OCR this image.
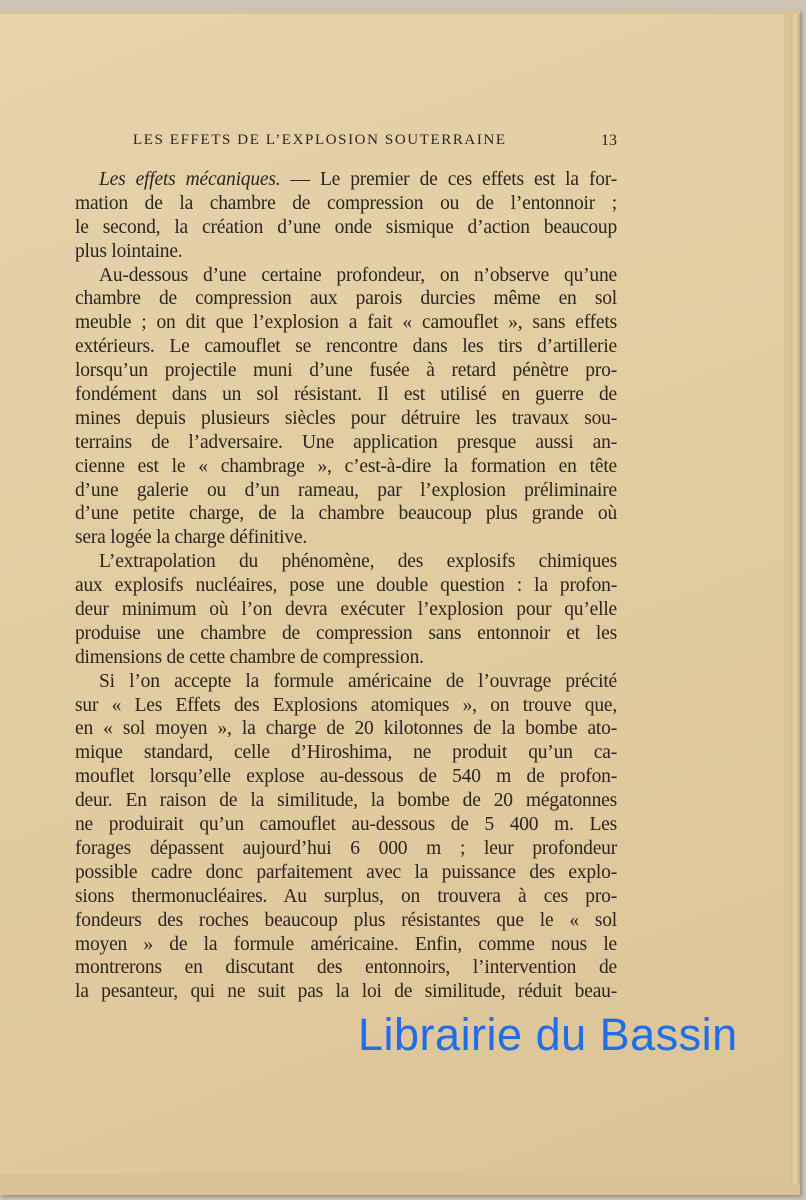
LES EFFETS DE L’EXPLOSION SOUTERRAINE	13
Les effets mécaniques. — Le premier de ces effets est la for-
mation de la chambre de compression ou de l’entonnoir ;
le second, la création d’une onde sismique d’action beaucoup
plus lointaine.
Au-dessous d’une certaine profondeur, on n’observe qu’une
chambre de compression aux parois durcies même en sol
meuble ; on dit que l’explosion a fait « camouflet », sans effets
extérieurs. Le camouflet se rencontre dans les tirs d’artillerie
lorsqu’un projectile muni d’une fusée à retard pénètre pro-
fondément dans un sol résistant. Il est utilisé en guerre de
mines depuis plusieurs siècles pour détruire les travaux sou-
terrains de l’adversaire. Une application presque aussi an-
cienne est le « chambrage », c’est-à-dire la formation en tête
d’une galerie ou d’un rameau, par l’explosion préliminaire
d’une petite charge, de la chambre beaucoup plus grande où
sera logée la charge définitive.
L’extrapolation du phénomène, des explosifs chimiques
aux explosifs nucléaires, pose une double question : la profon-
deur minimum où l’on devra exécuter l’explosion pour qu’elle
produise une chambre de compression sans entonnoir et les
dimensions de cette chambre de compression.
Si l’on accepte la formule américaine de l’ouvrage précité
sur « Les Effets des Explosions atomiques », on trouve que,
en « sol moyen », la charge de 20 kilotonnes de la bombe ato-
mique standard, celle d’Hiroshima, ne produit qu’un ca-
mouflet lorsqu’elle explose au-dessous de 540 m de profon-
deur. En raison de la similitude, la bombe de 20 mégatonnes
ne produirait qu’un camouflet au-dessous de 5 400 m. Les
forages dépassent aujourd’hui 6 000 m ; leur profondeur
possible cadre donc parfaitement avec la puissance des explo-
sions thermonucléaires. Au surplus, on trouvera à ces pro-
fondeurs des roches beaucoup plus résistantes que le « sol
moyen » de la formule américaine. Enfin, comme nous le
montrerons en discutant des entonnoirs, l’intervention de
la pesanteur, qui ne suit pas la loi de similitude, réduit beau-
Librairie du Bassin
